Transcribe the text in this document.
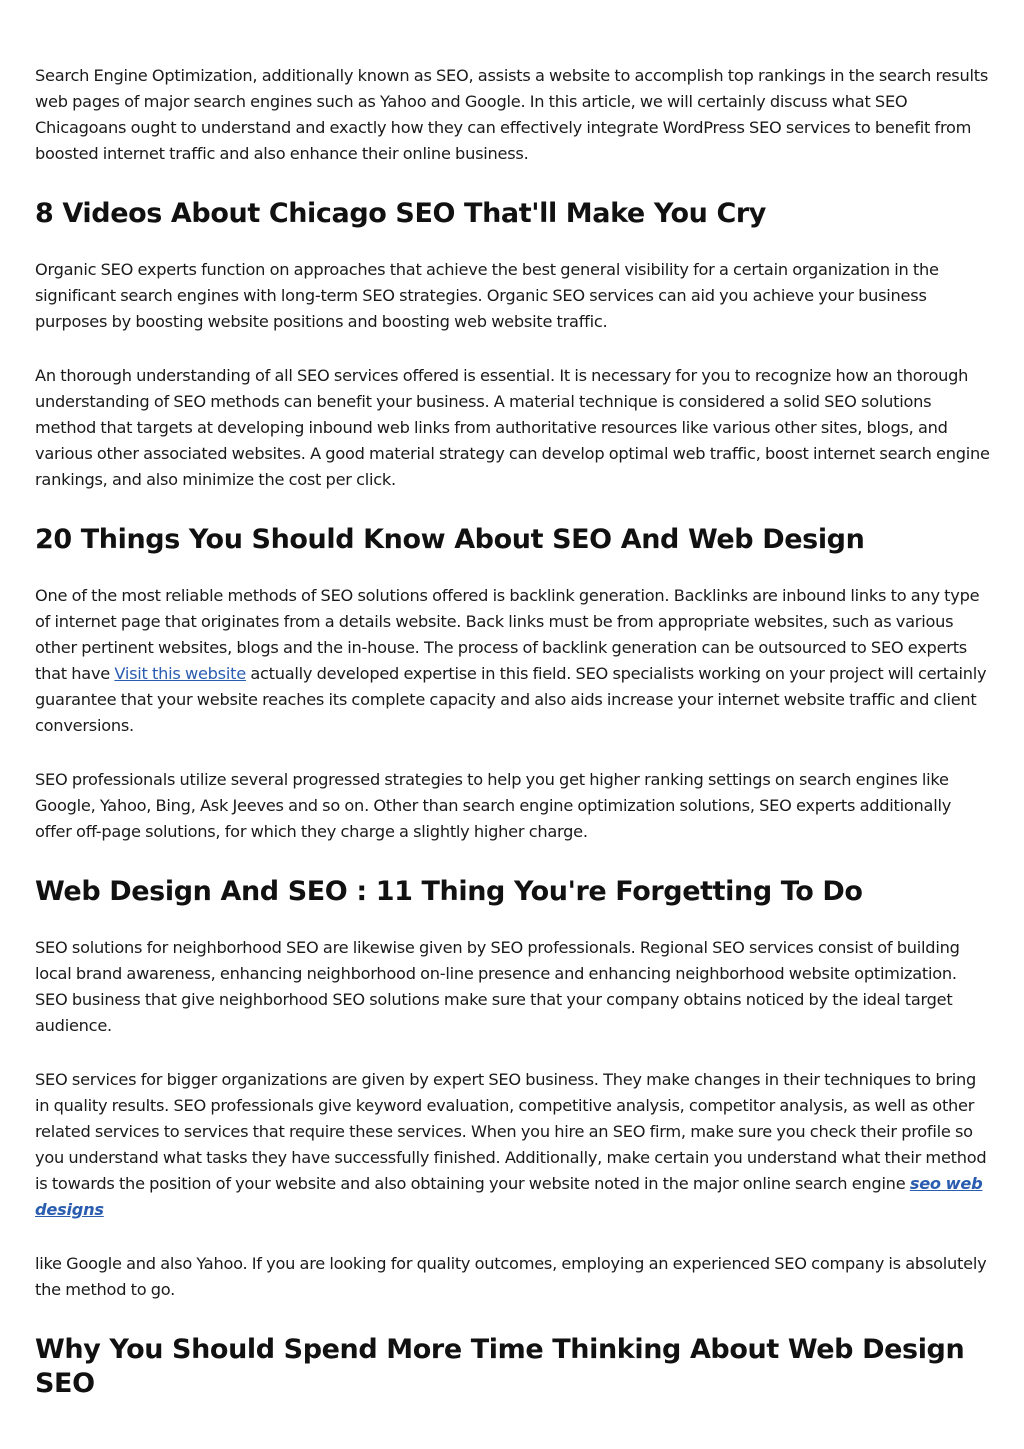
Search Engine Optimization, additionally known as SEO, assists a website to accomplish top rankings in the search results web pages of major search engines such as Yahoo and Google. In this article, we will certainly discuss what SEO Chicagoans ought to understand and exactly how they can effectively integrate WordPress SEO services to benefit from boosted internet traffic and also enhance their online business.

8 Videos About Chicago SEO That'll Make You Cry

Organic SEO experts function on approaches that achieve the best general visibility for a certain organization in the significant search engines with long-term SEO strategies. Organic SEO services can aid you achieve your business purposes by boosting website positions and boosting web website traffic.

An thorough understanding of all SEO services offered is essential. It is necessary for you to recognize how an thorough understanding of SEO methods can benefit your business. A material technique is considered a solid SEO solutions method that targets at developing inbound web links from authoritative resources like various other sites, blogs, and various other associated websites. A good material strategy can develop optimal web traffic, boost internet search engine rankings, and also minimize the cost per click.

20 Things You Should Know About SEO And Web Design

One of the most reliable methods of SEO solutions offered is backlink generation. Backlinks are inbound links to any type of internet page that originates from a details website. Back links must be from appropriate websites, such as various other pertinent websites, blogs and the in-house. The process of backlink generation can be outsourced to SEO experts that have Visit this website actually developed expertise in this field. SEO specialists working on your project will certainly guarantee that your website reaches its complete capacity and also aids increase your internet website traffic and client conversions.

SEO professionals utilize several progressed strategies to help you get higher ranking settings on search engines like Google, Yahoo, Bing, Ask Jeeves and so on. Other than search engine optimization solutions, SEO experts additionally offer off-page solutions, for which they charge a slightly higher charge.

Web Design And SEO : 11 Thing You're Forgetting To Do

SEO solutions for neighborhood SEO are likewise given by SEO professionals. Regional SEO services consist of building local brand awareness, enhancing neighborhood on-line presence and enhancing neighborhood website optimization. SEO business that give neighborhood SEO solutions make sure that your company obtains noticed by the ideal target audience.

SEO services for bigger organizations are given by expert SEO business. They make changes in their techniques to bring in quality results. SEO professionals give keyword evaluation, competitive analysis, competitor analysis, as well as other related services to services that require these services. When you hire an SEO firm, make sure you check their profile so you understand what tasks they have successfully finished. Additionally, make certain you understand what their method is towards the position of your website and also obtaining your website noted in the major online search engine seo web designs

like Google and also Yahoo. If you are looking for quality outcomes, employing an experienced SEO company is absolutely the method to go.

Why You Should Spend More Time Thinking About Web Design SEO
